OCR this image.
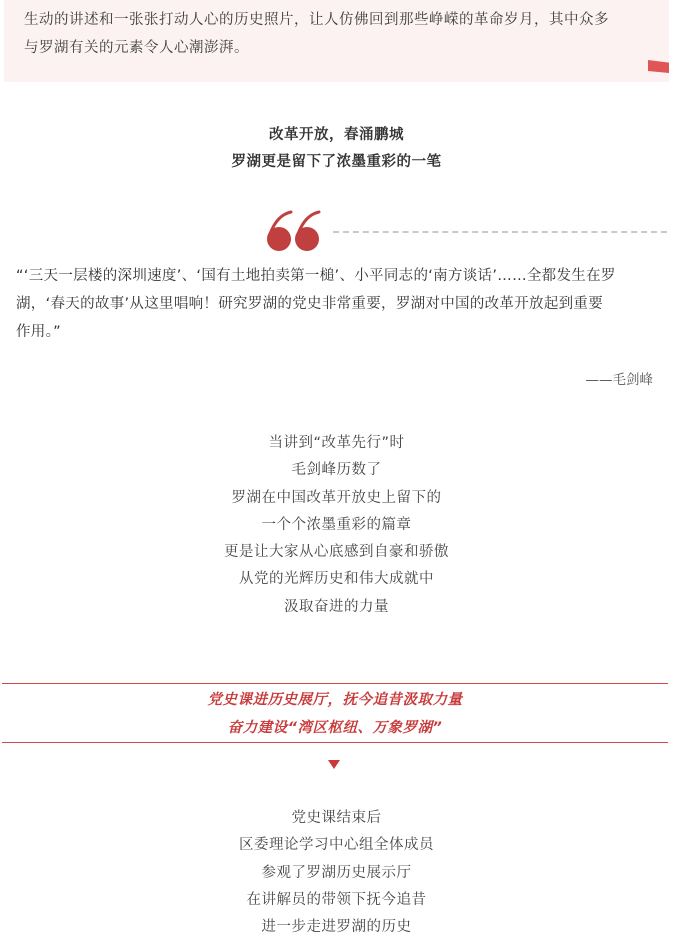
生动的讲述和一张张打动人心的历史照片，让人仿佛回到那些峥嵘的革命岁月，其中众多
与罗湖有关的元素令人心潮澎湃。
改革开放，春涌鹏城
罗湖更是留下了浓墨重彩的一笔
“‘三天一层楼的深圳速度’、‘国有土地拍卖第一槌’、小平同志的‘南方谈话’……全都发生在罗
湖，‘春天的故事’从这里唱响！研究罗湖的党史非常重要，罗湖对中国的改革开放起到重要
作用。”
——毛剑峰
当讲到“改革先行”时
毛剑峰历数了
罗湖在中国改革开放史上留下的
一个个浓墨重彩的篇章
更是让大家从心底感到自豪和骄傲
从党的光辉历史和伟大成就中
汲取奋进的力量
党史课进历史展厅，抚今追昔汲取力量
奋力建设“湾区枢纽、万象罗湖”
党史课结束后
区委理论学习中心组全体成员
参观了罗湖历史展示厅
在讲解员的带领下抚今追昔
进一步走进罗湖的历史
